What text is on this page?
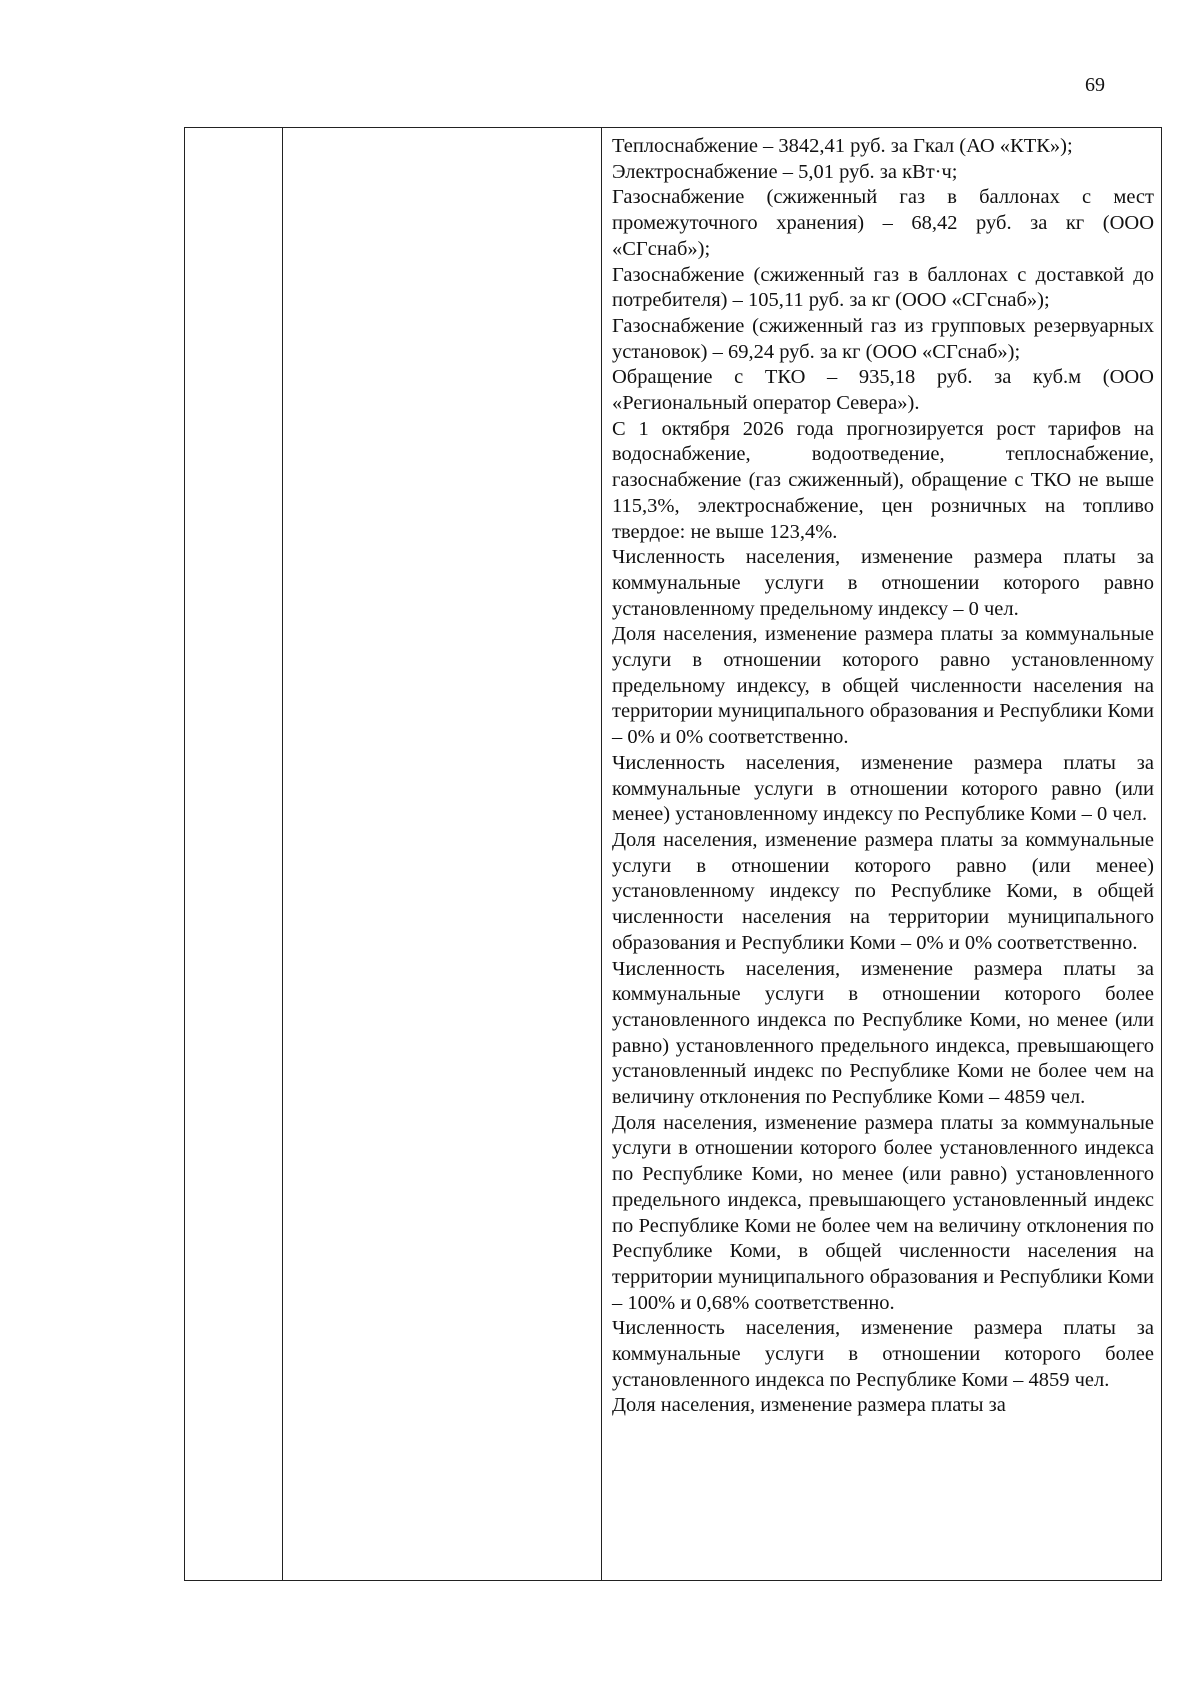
69

Теплоснабжение – 3842,41 руб. за Гкал (АО «КТК»);

Электроснабжение – 5,01 руб. за кВт·ч;

Газоснабжение (сжиженный газ в баллонах с мест промежуточного хранения) – 68,42 руб. за кг (ООО «СГснаб»);

Газоснабжение (сжиженный газ в баллонах с доставкой до потребителя) – 105,11 руб. за кг (ООО «СГснаб»);

Газоснабжение (сжиженный газ из групповых резервуарных установок) – 69,24 руб. за кг (ООО «СГснаб»);

Обращение с ТКО – 935,18 руб. за куб.м (ООО «Региональный оператор Севера»).

С 1 октября 2026 года прогнозируется рост тарифов на водоснабжение, водоотведение, теплоснабжение, газоснабжение (газ сжиженный), обращение с ТКО не выше 115,3%, электроснабжение, цен розничных на топливо твердое: не выше 123,4%.

Численность населения, изменение размера платы за коммунальные услуги в отношении которого равно установленному предельному индексу – 0 чел.

Доля населения, изменение размера платы за коммунальные услуги в отношении которого равно установленному предельному индексу, в общей численности населения на территории муниципального образования и Республики Коми – 0% и 0% соответственно.

Численность населения, изменение размера платы за коммунальные услуги в отношении которого равно (или менее) установленному индексу по Республике Коми – 0 чел.

Доля населения, изменение размера платы за коммунальные услуги в отношении которого равно (или менее) установленному индексу по Республике Коми, в общей численности населения на территории муниципального образования и Республики Коми – 0% и 0% соответственно.

Численность населения, изменение размера платы за коммунальные услуги в отношении которого более установленного индекса по Республике Коми, но менее (или равно) установленного предельного индекса, превышающего установленный индекс по Республике Коми не более чем на величину отклонения по Республике Коми – 4859 чел.

Доля населения, изменение размера платы за коммунальные услуги в отношении которого более установленного индекса по Республике Коми, но менее (или равно) установленного предельного индекса, превышающего установленный индекс по Республике Коми не более чем на величину отклонения по Республике Коми, в общей численности населения на территории муниципального образования и Республики Коми – 100% и 0,68% соответственно.

Численность населения, изменение размера платы за коммунальные услуги в отношении которого более установленного индекса по Республике Коми – 4859 чел.

Доля населения, изменение размера платы за
